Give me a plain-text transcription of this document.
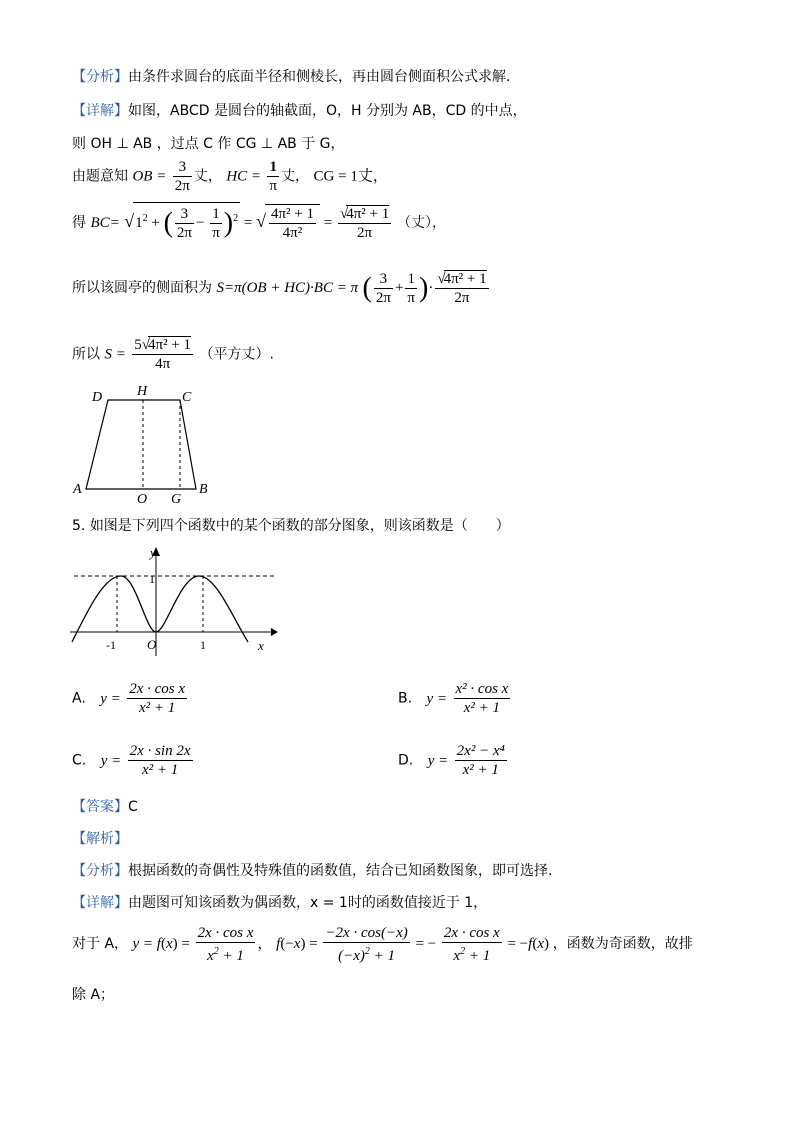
【分析】由条件求圆台的底面半径和侧棱长，再由圆台侧面积公式求解.
【详解】如图，ABCD 是圆台的轴截面，O，H 分别为 AB，CD 的中点，
则 OH ⊥ AB ，过点 C 作 CG ⊥ AB 于 G，
由题意知 OB = $\frac{3}{2\pi}$ 丈， HC = $\frac{1}{\pi}$ 丈， CG = 1丈，
得 $BC= √1^2$ + ( $\frac{3}{2\pi} - \frac{1}{\pi} )^2$ = √ $\frac{\text{4π² + 1}}{\text{4π²}} = \frac{\text{√4π² + 1}}{2\pi}$ （丈），
所以该圆亭的侧面积为 S=π(OB + HC)·BC = π ( $\frac{3}{2\pi} + \frac{1}{\pi}$ )· $\frac{\text{√4π² + 1}}{2\pi}$
所以 $S = \frac{\text{5√4π² + 1}}{4\pi}$ （平方丈）.
D H C
A
O G
B
5. 如图是下列四个函数中的某个函数的部分图象，则该函数是（　　）
y
1
-1 O	1	x
A. $y = \frac{\text{2x · cos x}}{\text{x² + 1}}$	B. $y = \frac{\text{x² · cos x}}{\text{x² + 1}}$
C. $y = \frac{2x \cdot \sin 2x}{\text{x² + 1}}$	D. $y = \frac{\text{2x² − x⁴}}{\text{x² + 1}}$
【答案】C
【解析】
【分析】根据函数的奇偶性及特殊值的函数值，结合已知函数图象，即可选择.
【详解】由题图可知该函数为偶函数，x = 1时的函数值接近于 1，
对于 A， $y = f(x) = \frac{\text{2x · cos x}}{x^2 + 1}$ ， $f(-x) = \frac{-2x \cdot \cos(-x)}{(-x)^2 + 1}$ = − $\frac{\text{2x · cos x}}{x^2 + 1} = -f(x)$ ，函数为奇函数，故排
除 A；
